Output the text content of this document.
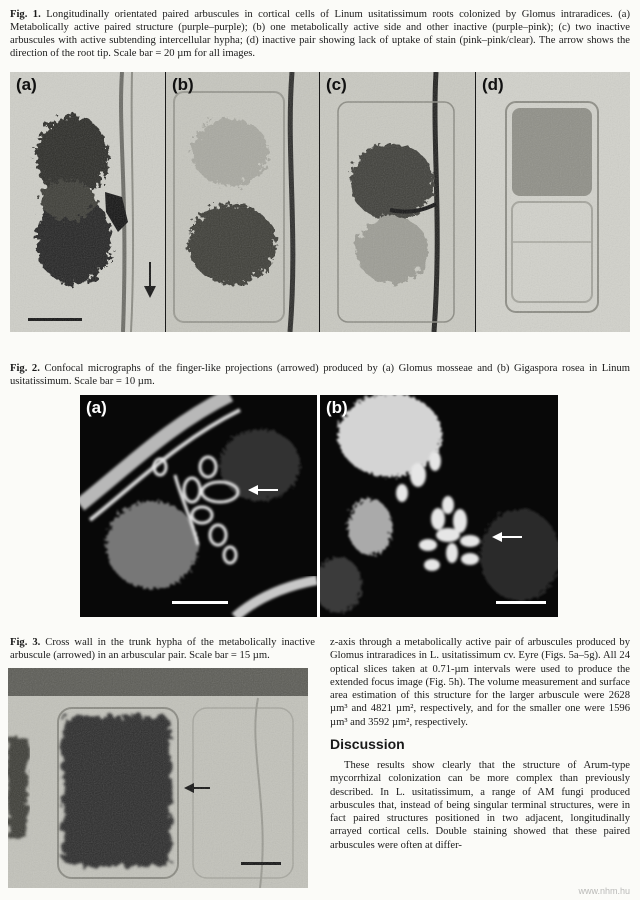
Fig. 1. Longitudinally orientated paired arbuscules in cortical cells of Linum usitatissimum roots colonized by Glomus intraradices. (a) Metabolically active paired structure (purple–purple); (b) one metabolically active side and other inactive (purple–pink); (c) two inactive arbuscules with active subtending intercellular hypha; (d) inactive pair showing lack of uptake of stain (pink–pink/clear). The arrow shows the direction of the root tip. Scale bar = 20 µm for all images.
(a)	(b)	(c)	(d)
Fig. 2. Confocal micrographs of the finger-like projections (arrowed) produced by (a) Glomus mosseae and (b) Gigaspora rosea in Linum usitatissimum. Scale bar = 10 µm.
(a)	(b)
Fig. 3. Cross wall in the trunk hypha of the metabolically inactive arbuscule (arrowed) in an arbuscular pair. Scale bar = 15 µm.
z-axis through a metabolically active pair of arbuscules produced by Glomus intraradices in L. usitatissimum cv. Eyre (Figs. 5a–5g). All 24 optical slices taken at 0.71-µm intervals were used to produce the extended focus image (Fig. 5h). The volume measurement and surface area estimation of this structure for the larger arbuscule were 2628 µm³ and 4821 µm², respectively, and for the smaller one were 1596 µm³ and 3592 µm², respectively.
Discussion
These results show clearly that the structure of Arum-type mycorrhizal colonization can be more complex than previously described. In L. usitatissimum, a range of AM fungi produced arbuscules that, instead of being singular terminal structures, were in fact paired structures positioned in two adjacent, longitudinally arrayed cortical cells. Double staining showed that these paired arbuscules were often at differ-
www.nhm.hu
